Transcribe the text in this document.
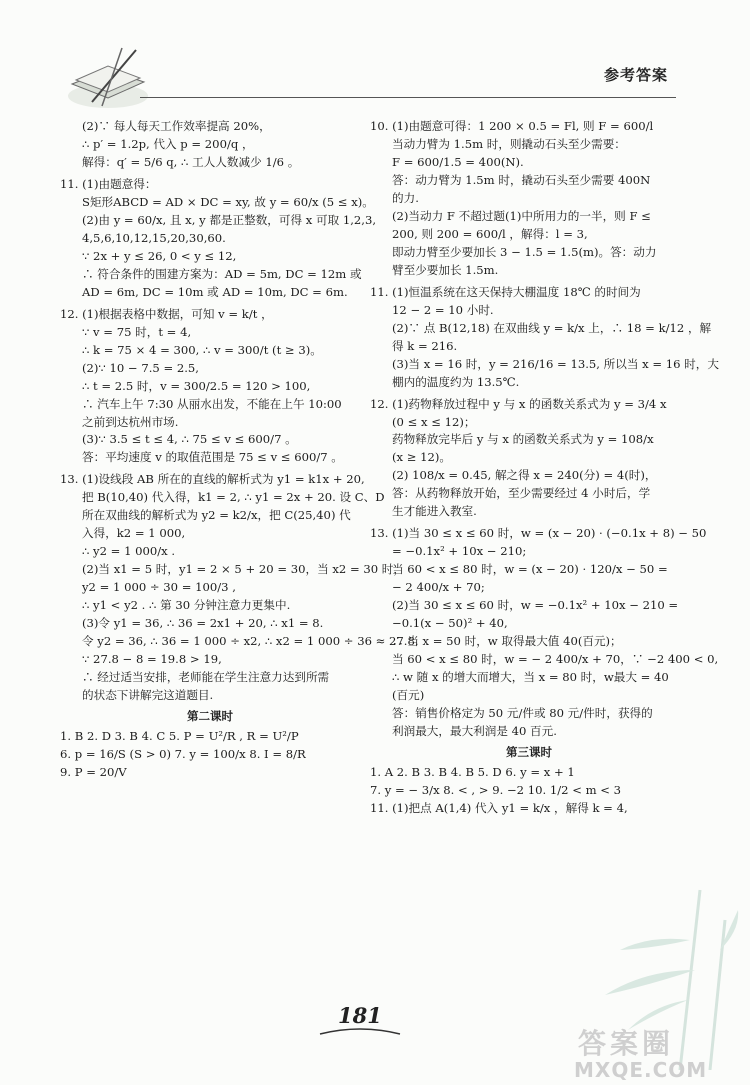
参考答案

(2)∵ 每人每天工作效率提高 20%，

∴ p′ = 1.2p, 代入 p = 200/q ，

解得：q′ = 5/6 q, ∴ 工人人数减少 1/6 。

11. (1)由题意得：

S矩形ABCD = AD × DC = xy, 故 y = 60/x (5 ≤ x)。

(2)由 y = 60/x, 且 x, y 都是正整数，可得 x 可取 1,2,3,

4,5,6,10,12,15,20,30,60.

∵ 2x + y ≤ 26, 0 < y ≤ 12,

∴ 符合条件的围建方案为：AD = 5m, DC = 12m 或

AD = 6m, DC = 10m 或 AD = 10m, DC = 6m.

12. (1)根据表格中数据，可知 v = k/t ，

∵ v = 75 时，t = 4,

∴ k = 75 × 4 = 300, ∴ v = 300/t (t ≥ 3)。

(2)∵ 10 − 7.5 = 2.5,

∴ t = 2.5 时，v = 300/2.5 = 120 > 100,

∴ 汽车上午 7:30 从丽水出发，不能在上午 10:00

之前到达杭州市场.

(3)∵ 3.5 ≤ t ≤ 4, ∴ 75 ≤ v ≤ 600/7 。

答：平均速度 v 的取值范围是 75 ≤ v ≤ 600/7 。

13. (1)设线段 AB 所在的直线的解析式为 y1 = k1x + 20,

把 B(10,40) 代入得，k1 = 2, ∴ y1 = 2x + 20. 设 C、D

所在双曲线的解析式为 y2 = k2/x，把 C(25,40) 代

入得，k2 = 1 000,

∴ y2 = 1 000/x .

(2)当 x1 = 5 时，y1 = 2 × 5 + 20 = 30，当 x2 = 30 时，

y2 = 1 000 ÷ 30 = 100/3 ,

∴ y1 < y2 . ∴ 第 30 分钟注意力更集中.

(3)令 y1 = 36, ∴ 36 = 2x1 + 20, ∴ x1 = 8.

令 y2 = 36, ∴ 36 = 1 000 ÷ x2, ∴ x2 = 1 000 ÷ 36 ≈ 27.8.

∵ 27.8 − 8 = 19.8 > 19,

∴ 经过适当安排，老师能在学生注意力达到所需

的状态下讲解完这道题目.

第二课时

1. B 2. D 3. B 4. C 5. P = U²/R , R = U²/P

6. p = 16/S (S > 0) 7. y = 100/x 8. I = 8/R

9. P = 20/V

10. (1)由题意可得：1 200 × 0.5 = Fl, 则 F = 600/l

当动力臂为 1.5m 时，则撬动石头至少需要：

F = 600/1.5 = 400(N).

答：动力臂为 1.5m 时，撬动石头至少需要 400N

的力.

(2)当动力 F 不超过题(1)中所用力的一半，则 F ≤

200, 则 200 = 600/l ，解得：l = 3,

即动力臂至少要加长 3 − 1.5 = 1.5(m)。答：动力

臂至少要加长 1.5m.

11. (1)恒温系统在这天保持大棚温度 18℃ 的时间为

12 − 2 = 10 小时.

(2)∵ 点 B(12,18) 在双曲线 y = k/x 上，∴ 18 = k/12 ，解

得 k = 216.

(3)当 x = 16 时，y = 216/16 = 13.5, 所以当 x = 16 时，大

棚内的温度约为 13.5℃.

12. (1)药物释放过程中 y 与 x 的函数关系式为 y = 3/4 x

(0 ≤ x ≤ 12)；

药物释放完毕后 y 与 x 的函数关系式为 y = 108/x

(x ≥ 12)。

(2) 108/x = 0.45, 解之得 x = 240(分) = 4(时)，

答：从药物释放开始，至少需要经过 4 小时后，学

生才能进入教室.

13. (1)当 30 ≤ x ≤ 60 时，w = (x − 20) · (−0.1x + 8) − 50

= −0.1x² + 10x − 210;

当 60 < x ≤ 80 时，w = (x − 20) · 120/x − 50 =

− 2 400/x + 70;

(2)当 30 ≤ x ≤ 60 时，w = −0.1x² + 10x − 210 =

−0.1(x − 50)² + 40,

∴ 当 x = 50 时，w 取得最大值 40(百元)；

当 60 < x ≤ 80 时，w = − 2 400/x + 70，∵ −2 400 < 0,

∴ w 随 x 的增大而增大，当 x = 80 时，w最大 = 40

(百元)

答：销售价格定为 50 元/件或 80 元/件时，获得的

利润最大，最大利润是 40 百元.

第三课时

1. A 2. B 3. B 4. B 5. D 6. y = x + 1

7. y = − 3/x 8. < , > 9. −2 10. 1/2 < m < 3

11. (1)把点 A(1,4) 代入 y1 = k/x ，解得 k = 4,

181
答案圈
MXQE.COM
